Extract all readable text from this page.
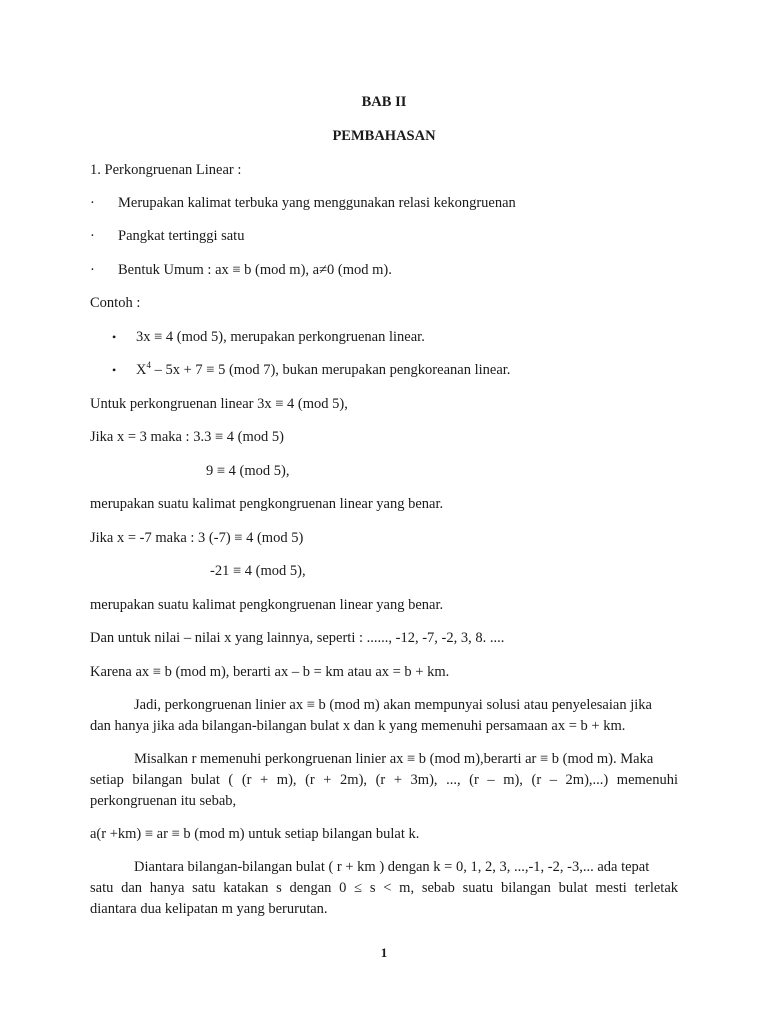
BAB II
PEMBAHASAN
1. Perkongruenan Linear :
· Merupakan kalimat terbuka yang menggunakan relasi kekongruenan
· Pangkat tertinggi satu
· Bentuk Umum : ax ≡ b (mod m), a≠0 (mod m).
Contoh :
• 3x ≡ 4 (mod 5), merupakan perkongruenan linear.
• $X^4 - 5x + 7 \equiv 5$ (mod 7), bukan merupakan pengkoreanan linear.
Untuk perkongruenan linear 3x ≡ 4 (mod 5),
Jika x = 3 maka : 3.3 ≡ 4 (mod 5)
9 ≡ 4 (mod 5),
merupakan suatu kalimat pengkongruenan linear yang benar.
Jika x = -7 maka : 3 (-7) ≡ 4 (mod 5)
-21 ≡ 4 (mod 5),
merupakan suatu kalimat pengkongruenan linear yang benar.
Dan untuk nilai – nilai x yang lainnya, seperti : ......, -12, -7, -2, 3, 8. ....
Karena ax ≡ b (mod m), berarti ax – b = km atau ax = b + km.
Jadi, perkongruenan linier ax ≡ b (mod m) akan mempunyai solusi atau penyelesaian jika
dan hanya jika ada bilangan-bilangan bulat x dan k yang memenuhi persamaan ax = b + km.
Misalkan r memenuhi perkongruenan linier ax ≡ b (mod m),berarti ar ≡ b (mod m). Maka
setiap bilangan bulat ( (r + m), (r + 2m), (r + 3m), ..., (r – m), (r – 2m),...) memenuhi
perkongruenan itu sebab,
a(r +km) ≡ ar ≡ b (mod m) untuk setiap bilangan bulat k.
Diantara bilangan-bilangan bulat ( r + km ) dengan k = 0, 1, 2, 3, ...,-1, -2, -3,... ada tepat
satu dan hanya satu katakan s dengan 0 ≤ s < m, sebab suatu bilangan bulat mesti terletak
diantara dua kelipatan m yang berurutan.
1
